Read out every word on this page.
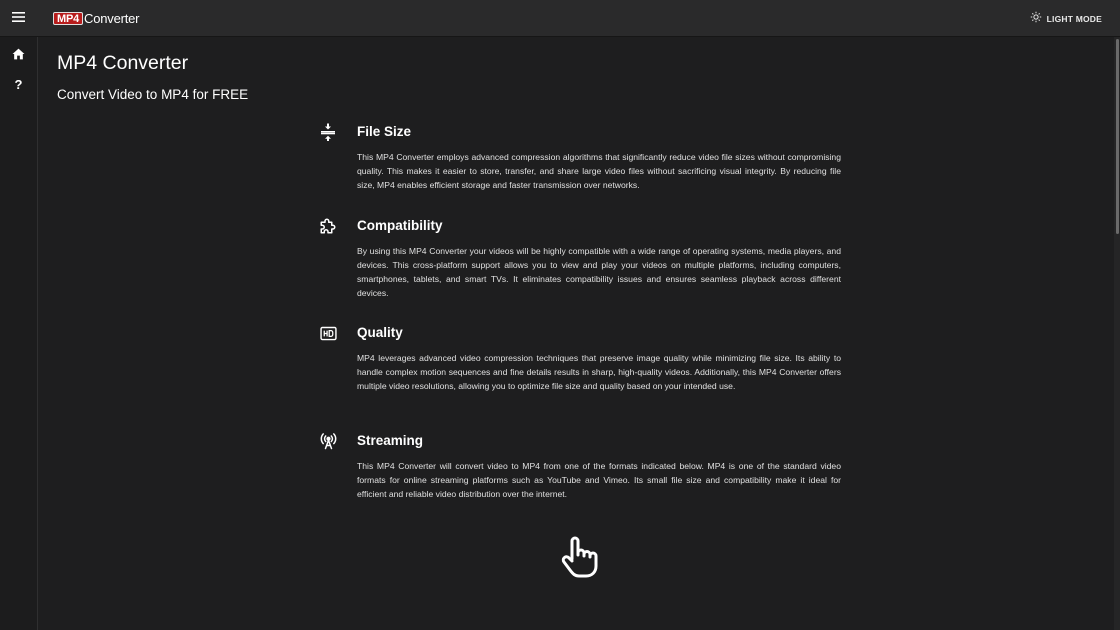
MP4 Converter	LIGHT MODE
?
MP4 Converter
Convert Video to MP4 for FREE
File Size

This MP4 Converter employs advanced compression algorithms that significantly reduce video file sizes without compromising quality. This makes it easier to store, transfer, and share large video files without sacrificing visual integrity. By reducing file size, MP4 enables efficient storage and faster transmission over networks.

Compatibility

By using this MP4 Converter your videos will be highly compatible with a wide range of operating systems, media players, and devices. This cross-platform support allows you to view and play your videos on multiple platforms, including computers, smartphones, tablets, and smart TVs. It eliminates compatibility issues and ensures seamless playback across different devices.

Quality

MP4 leverages advanced video compression techniques that preserve image quality while minimizing file size. Its ability to handle complex motion sequences and fine details results in sharp, high-quality videos. Additionally, this MP4 Converter offers multiple video resolutions, allowing you to optimize file size and quality based on your intended use.

Streaming

This MP4 Converter will convert video to MP4 from one of the formats indicated below. MP4 is one of the standard video formats for online streaming platforms such as YouTube and Vimeo. Its small file size and compatibility make it ideal for efficient and reliable video distribution over the internet.
